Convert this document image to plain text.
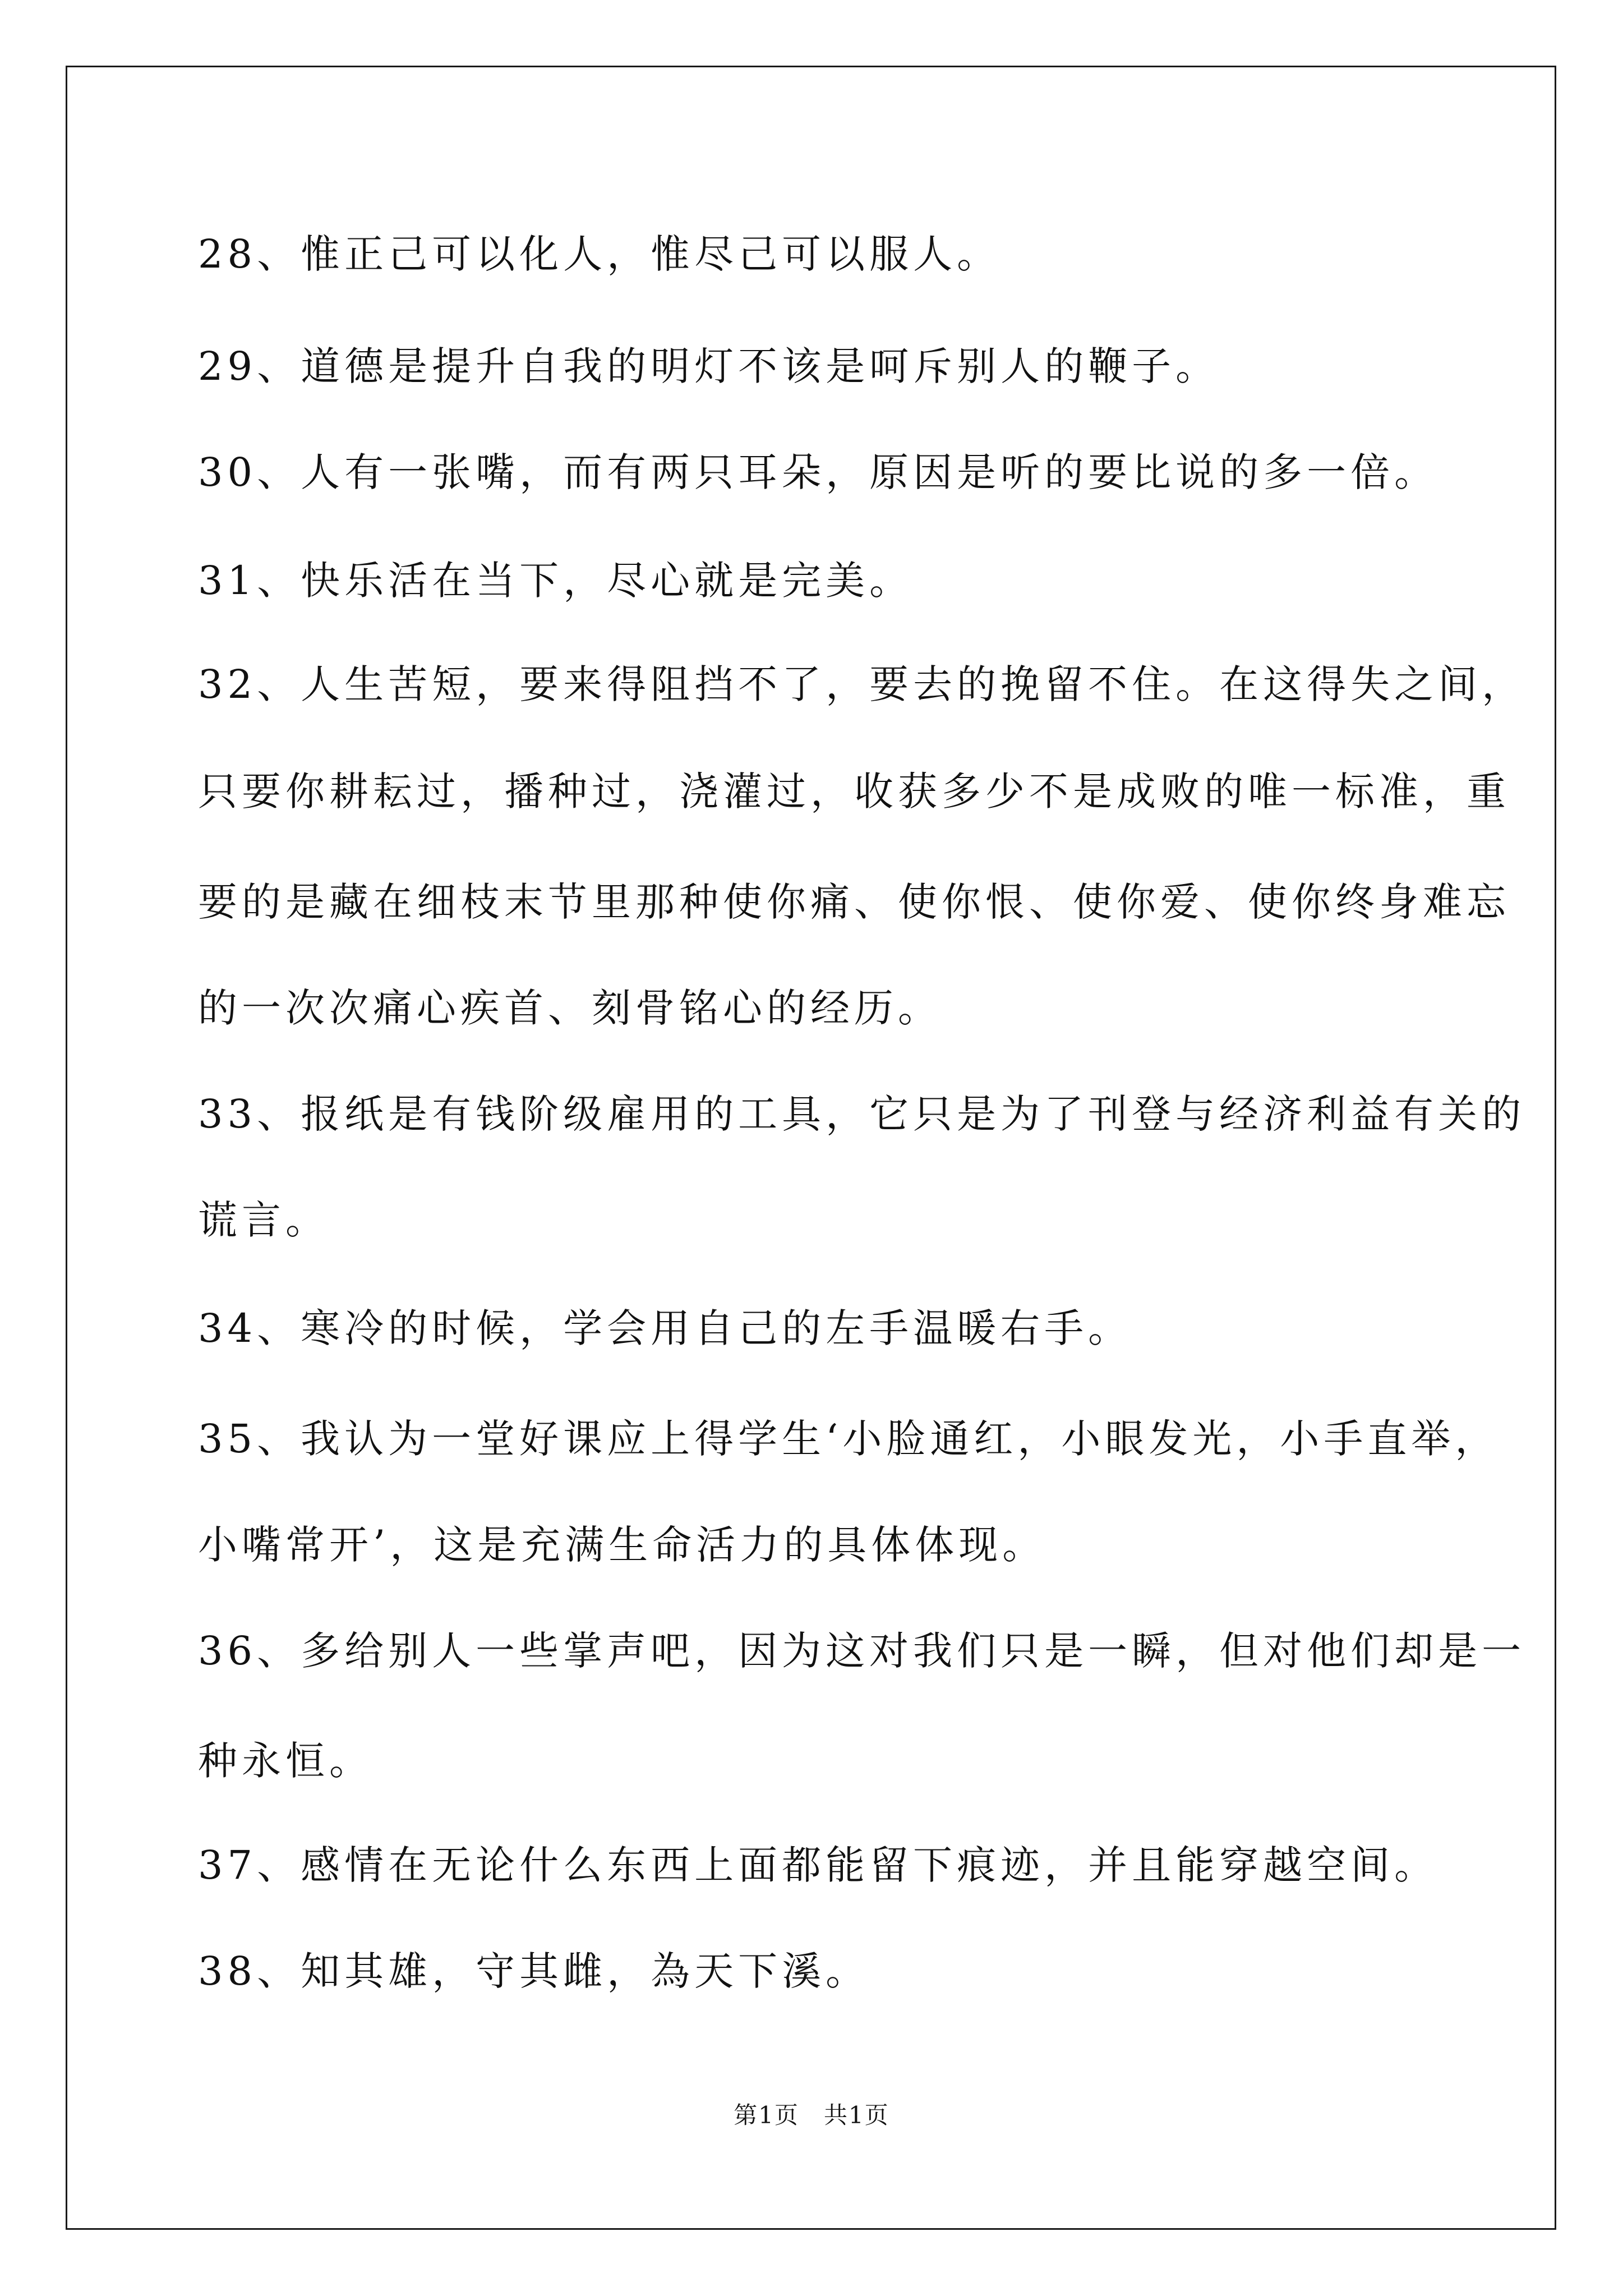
28、惟正己可以化人，惟尽己可以服人。
29、道德是提升自我的明灯不该是呵斥别人的鞭子。
30、人有一张嘴，而有两只耳朵，原因是听的要比说的多一倍。
31、快乐活在当下，尽心就是完美。
32、人生苦短，要来得阻挡不了，要去的挽留不住。在这得失之间，
只要你耕耘过，播种过，浇灌过，收获多少不是成败的唯一标准，重
要的是藏在细枝末节里那种使你痛、使你恨、使你爱、使你终身难忘
的一次次痛心疾首、刻骨铭心的经历。
33、报纸是有钱阶级雇用的工具，它只是为了刊登与经济利益有关的
谎言。
34、寒冷的时候，学会用自己的左手温暖右手。
35、我认为一堂好课应上得学生‘小脸通红，小眼发光，小手直举，
小嘴常开’，这是充满生命活力的具体体现。
36、多给别人一些掌声吧，因为这对我们只是一瞬，但对他们却是一
种永恒。
37、感情在无论什么东西上面都能留下痕迹，并且能穿越空间。
38、知其雄，守其雌，為天下溪。
第1页　共1页
